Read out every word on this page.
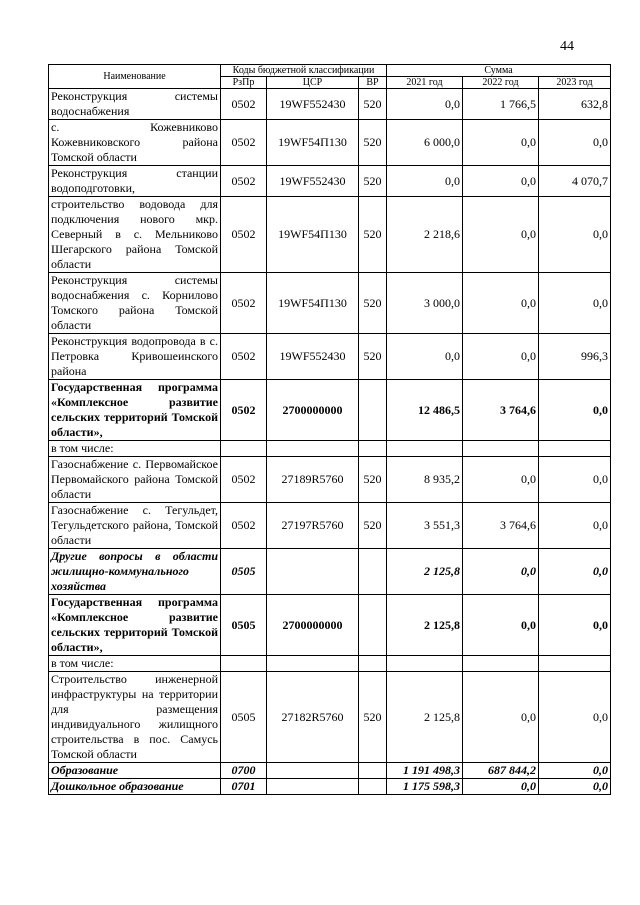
44
Наименование	Коды бюджетной классификации			Сумма		
	РзПр	ЦСР	ВР	2021 год	2022 год	2023 год
Реконструкция системы водоснабжения	0502	19WF552430	520	0,0	1 766,5	632,8
с. Кожевниково Кожевниковского района Томской области	0502	19WF54П130	520	6 000,0	0,0	0,0
Реконструкция станции водоподготовки,	0502	19WF552430	520	0,0	0,0	4 070,7
строительство водовода для подключения нового мкр. Северный в с. Мельниково Шегарского района Томской области	0502	19WF54П130	520	2 218,6	0,0	0,0
Реконструкция системы водоснабжения с. Корнилово Томского района Томской области	0502	19WF54П130	520	3 000,0	0,0	0,0
Реконструкция водопровода в с. Петровка Кривошеинского района	0502	19WF552430	520	0,0	0,0	996,3
Государственная программа «Комплексное развитие сельских территорий Томской области»,	0502	2700000000		12 486,5	3 764,6	0,0
в том числе:						
Газоснабжение с. Первомайское Первомайского района Томской области	0502	27189R5760	520	8 935,2	0,0	0,0
Газоснабжение с. Тегульдет, Тегульдетского района, Томской области	0502	27197R5760	520	3 551,3	3 764,6	0,0
Другие вопросы в области жилищно-коммунального хозяйства	0505			2 125,8	0,0	0,0
Государственная программа «Комплексное развитие сельских территорий Томской области»,	0505	2700000000		2 125,8	0,0	0,0
в том числе:						
Строительство инженерной инфраструктуры на территории для размещения индивидуального жилищного строительства в пос. Самусь Томской области	0505	27182R5760	520	2 125,8	0,0	0,0
Образование	0700			1 191 498,3	687 844,2	0,0
Дошкольное образование	0701			1 175 598,3	0,0	0,0
